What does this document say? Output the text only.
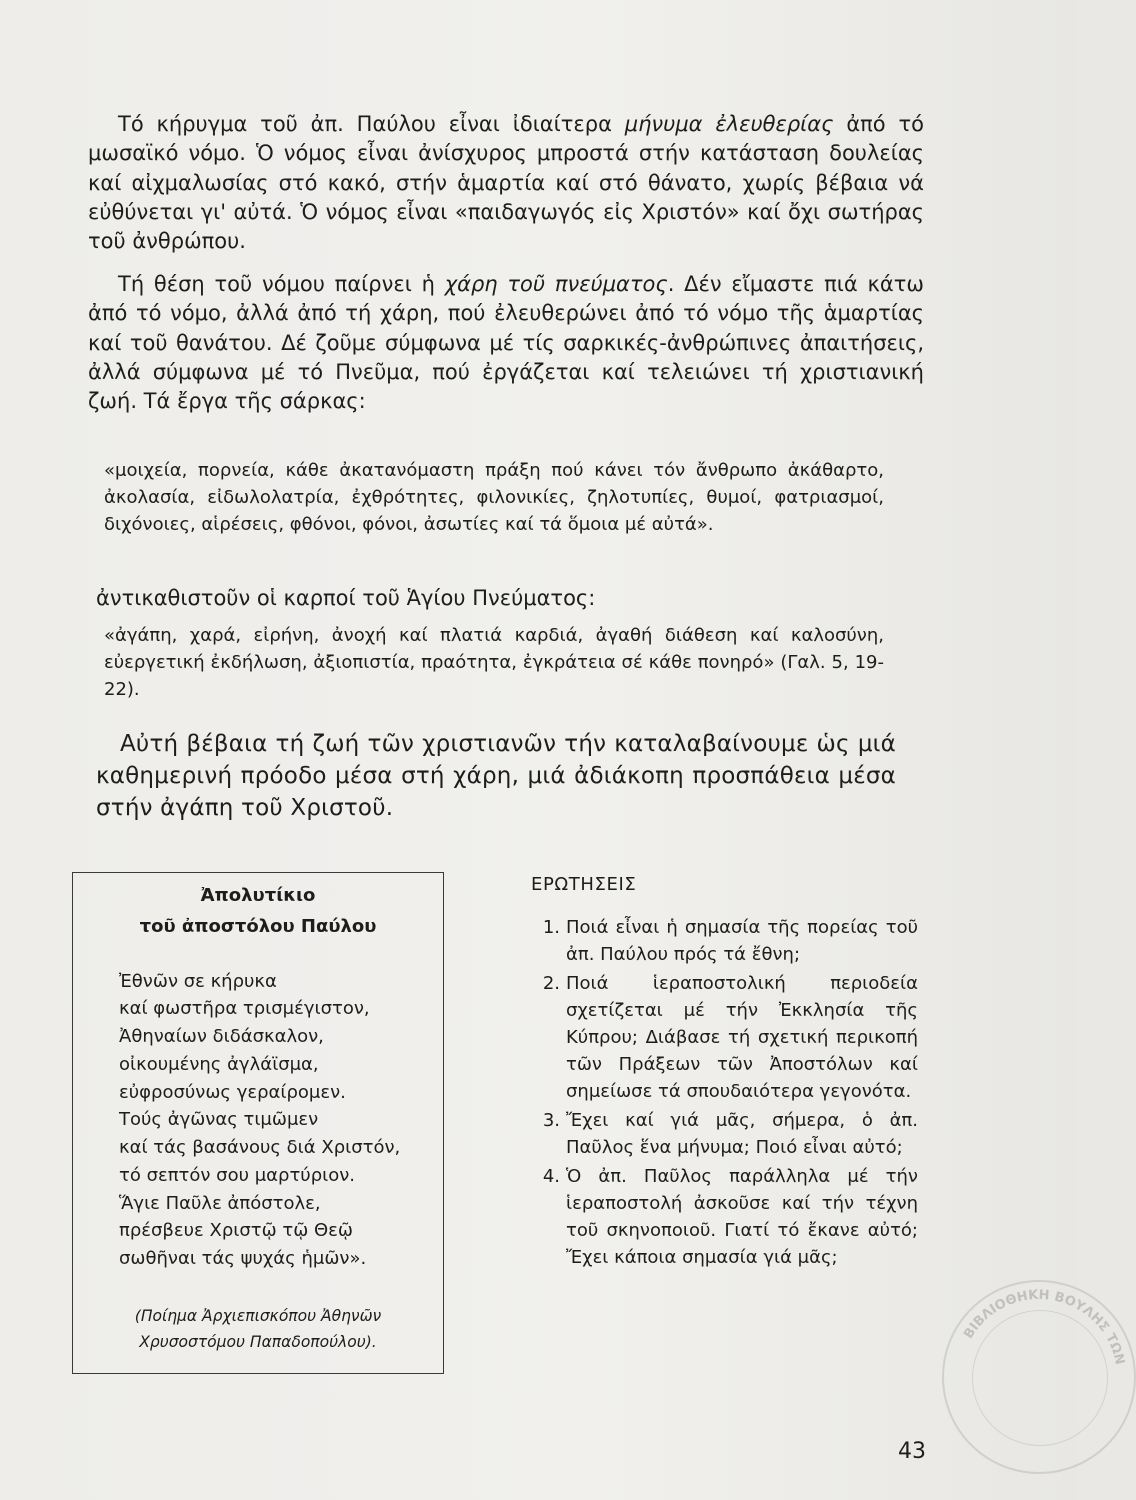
ΒΙΒΛΙΟΘΗΚΗ ΒΟΥΛΗΣ ΤΩΝ

Τό κήρυγμα τοῦ ἀπ. Παύλου εἶναι ἰδιαίτερα μήνυμα ἐλευθερίας ἀπό τό μωσαϊκό νόμο. Ὁ νόμος εἶναι ἀνίσχυρος μπροστά στήν κατάσταση δουλείας καί αἰχμαλωσίας στό κακό, στήν ἁμαρτία καί στό θάνατο, χωρίς βέβαια νά εὐθύνεται γι' αὐτά. Ὁ νόμος εἶναι «παιδαγωγός εἰς Χριστόν» καί ὄχι σωτήρας τοῦ ἀνθρώπου.

Τή θέση τοῦ νόμου παίρνει ἡ χάρη τοῦ πνεύματος. Δέν εἴμαστε πιά κάτω ἀπό τό νόμο, ἀλλά ἀπό τή χάρη, πού ἐλευθερώνει ἀπό τό νόμο τῆς ἁμαρτίας καί τοῦ θανάτου. Δέ ζοῦμε σύμφωνα μέ τίς σαρκικές-ἀνθρώπινες ἀπαιτήσεις, ἀλλά σύμφωνα μέ τό Πνεῦμα, πού ἐργάζεται καί τελειώνει τή χριστιανική ζωή. Τά ἔργα τῆς σάρκας:

«μοιχεία, πορνεία, κάθε ἀκατανόμαστη πράξη πού κάνει τόν ἄνθρωπο ἀκάθαρτο, ἀκολασία, εἰδωλολατρία, ἐχθρότητες, φιλονικίες, ζηλοτυπίες, θυμοί, φατριασμοί, διχόνοιες, αἱρέσεις, φθόνοι, φόνοι, ἀσωτίες καί τά ὅμοια μέ αὐτά».

ἀντικαθιστοῦν οἱ καρποί τοῦ Ἁγίου Πνεύματος:

«ἀγάπη, χαρά, εἰρήνη, ἀνοχή καί πλατιά καρδιά, ἀγαθή διάθεση καί καλοσύνη, εὐεργετική ἐκδήλωση, ἀξιοπιστία, πραότητα, ἐγκράτεια σέ κάθε πονηρό» (Γαλ. 5, 19-22).

Αὐτή βέβαια τή ζωή τῶν χριστιανῶν τήν καταλαβαίνουμε ὡς μιά καθημερινή πρόοδο μέσα στή χάρη, μιά ἀδιάκοπη προσπάθεια μέσα στήν ἀγάπη τοῦ Χριστοῦ.

Ἀπολυτίκιο
τοῦ ἀποστόλου Παύλου
Ἐθνῶν σε κήρυκα
καί φωστῆρα τρισμέγιστον,
Ἀθηναίων διδάσκαλον,
οἰκουμένης ἀγλάϊσμα,
εὐφροσύνως γεραίρομεν.
Τούς ἀγῶνας τιμῶμεν
καί τάς βασάνους διά Χριστόν,
τό σεπτόν σου μαρτύριον.
Ἅγιε Παῦλε ἀπόστολε,
πρέσβευε Χριστῷ τῷ Θεῷ
σωθῆναι τάς ψυχάς ἡμῶν».
(Ποίημα Ἀρχιεπισκόπου Ἀθηνῶν
Χρυσοστόμου Παπαδοπούλου).
ΕΡΩΤΗΣΕΙΣ
1. Ποιά εἶναι ἡ σημασία τῆς πορείας τοῦ ἀπ. Παύλου πρός τά ἔθνη;
2. Ποιά ἱεραποστολική περιοδεία σχετίζεται μέ τήν Ἐκκλησία τῆς Κύπρου; Διάβασε τή σχετική περικοπή τῶν Πράξεων τῶν Ἀποστόλων καί σημείωσε τά σπουδαιότερα γεγονότα.
3. Ἔχει καί γιά μᾶς, σήμερα, ὁ ἀπ. Παῦλος ἕνα μήνυμα; Ποιό εἶναι αὐτό;
4. Ὁ ἀπ. Παῦλος παράλληλα μέ τήν ἱεραποστολή ἀσκοῦσε καί τήν τέχνη τοῦ σκηνοποιοῦ. Γιατί τό ἔκανε αὐτό; Ἔχει κάποια σημασία γιά μᾶς;
43
